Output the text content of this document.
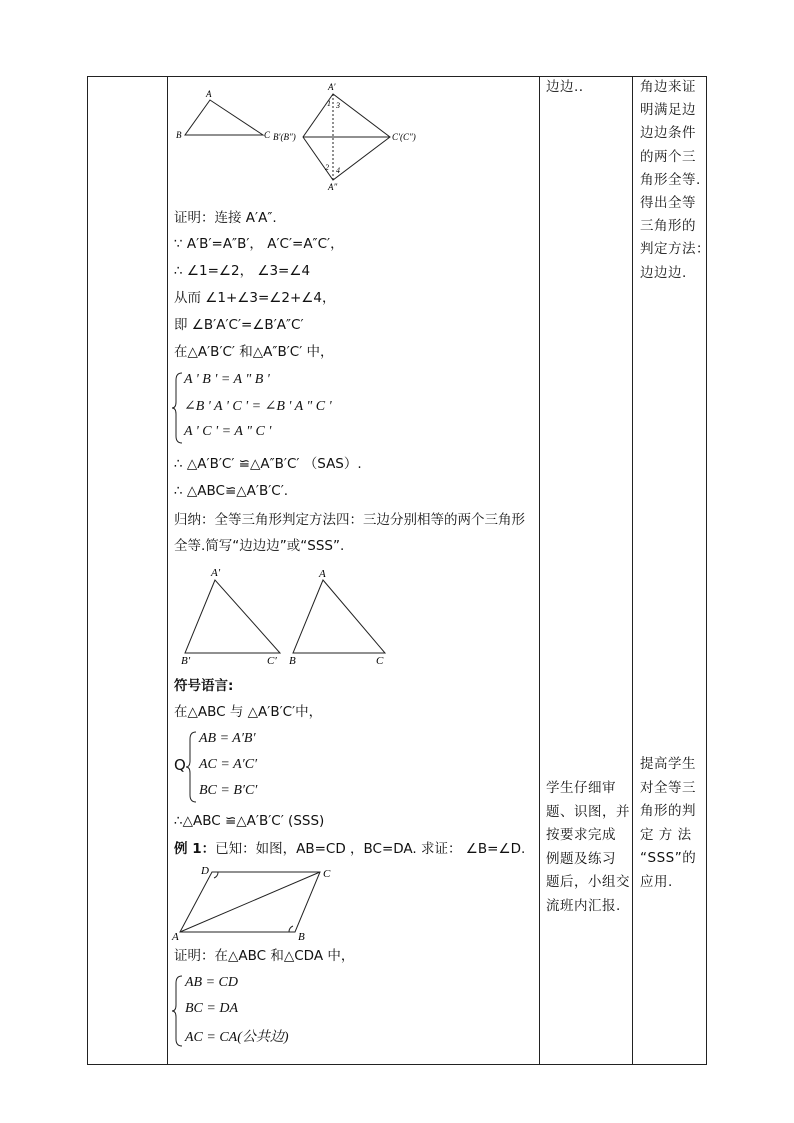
A
B	C
A′
B′(B″)	C′(C″)
A″
1 3
2 4
证明：连接 A′A″.
∵ A′B′=A″B′， A′C′=A″C′，
∴ ∠1=∠2， ∠3=∠4
从而 ∠1+∠3=∠2+∠4，
即 ∠B′A′C′=∠B′A″C′
在△A′B′C′ 和△A″B′C′ 中，
A ' B ' = A " B '
∠B ' A ' C ' = ∠B ' A " C '
A ' C ' = A " C '
∴ △A′B′C′ ≌△A″B′C′ （SAS）.
∴ △ABC≌△A′B′C′.
归纳：全等三角形判定方法四：三边分别相等的两个三角形
全等.简写“边边边”或“SSS”.
A′
B′	C′
A
B	C
符号语言:
在△ABC 与 △A′B′C′中，
Q
AB = A′B′
AC = A′C′
BC = B′C′
∴△ABC ≌△A′B′C′ (SSS)
例 1：已知：如图，AB=CD ，BC=DA. 求证： ∠B=∠D.
D	C
A	B
证明：在△ABC 和△CDA 中，
AB = CD
BC = DA
AC = CA(公共边)
边边..
学生仔细审
题、识图，并
按要求完成
例题及练习
题后，小组交
流班内汇报.
角边来证
明满足边
边边条件
的两个三
角形全等.
得出全等
三角形的
判定方法：
边边边.
提高学生
对全等三
角形的判
定 方 法
“SSS”的
应用.
